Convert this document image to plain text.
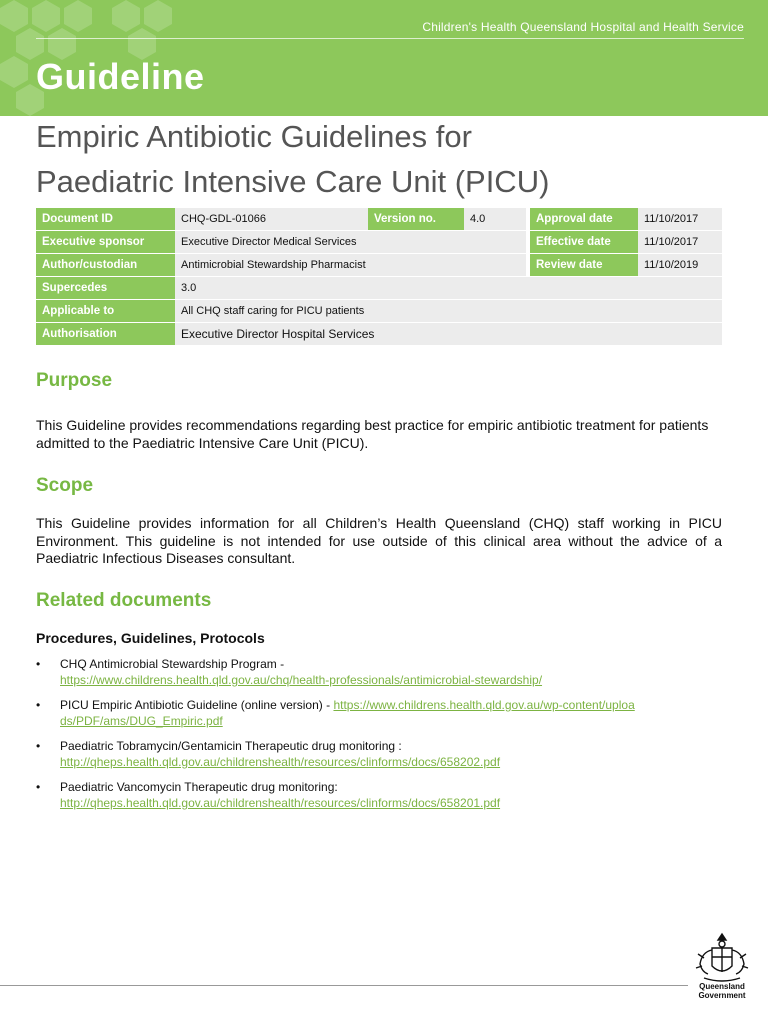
Children's Health Queensland Hospital and Health Service
Guideline
Empiric Antibiotic Guidelines for
Paediatric Intensive Care Unit (PICU)
Document ID	CHQ-GDL-01066	Version no.	4.0		Approval date	11/10/2017
Executive sponsor	Executive Director Medical Services				Effective date	11/10/2017
Author/custodian	Antimicrobial Stewardship Pharmacist				Review date	11/10/2019
Supercedes	3.0					
Applicable to	All CHQ staff caring for PICU patients					
Authorisation	Executive Director Hospital Services					
Purpose

This Guideline provides recommendations regarding best practice for empiric antibiotic treatment for patients admitted to the Paediatric Intensive Care Unit (PICU).

Scope

This Guideline provides information for all Children’s Health Queensland (CHQ) staff working in PICU Environment. This guideline is not intended for use outside of this clinical area without the advice of a Paediatric Infectious Diseases consultant.

Related documents
Procedures, Guidelines, Protocols
• CHQ Antimicrobial Stewardship Program -
https://www.childrens.health.qld.gov.au/chq/health-professionals/antimicrobial-stewardship/
• PICU Empiric Antibiotic Guideline (online version) - https://www.childrens.health.qld.gov.au/wp-content/uploads/PDF/ams/DUG_Empiric.pdf
• Paediatric Tobramycin/Gentamicin Therapeutic drug monitoring :
http://qheps.health.qld.gov.au/childrenshealth/resources/clinforms/docs/658202.pdf
• Paediatric Vancomycin Therapeutic drug monitoring:
http://qheps.health.qld.gov.au/childrenshealth/resources/clinforms/docs/658201.pdf
Queensland
Government
